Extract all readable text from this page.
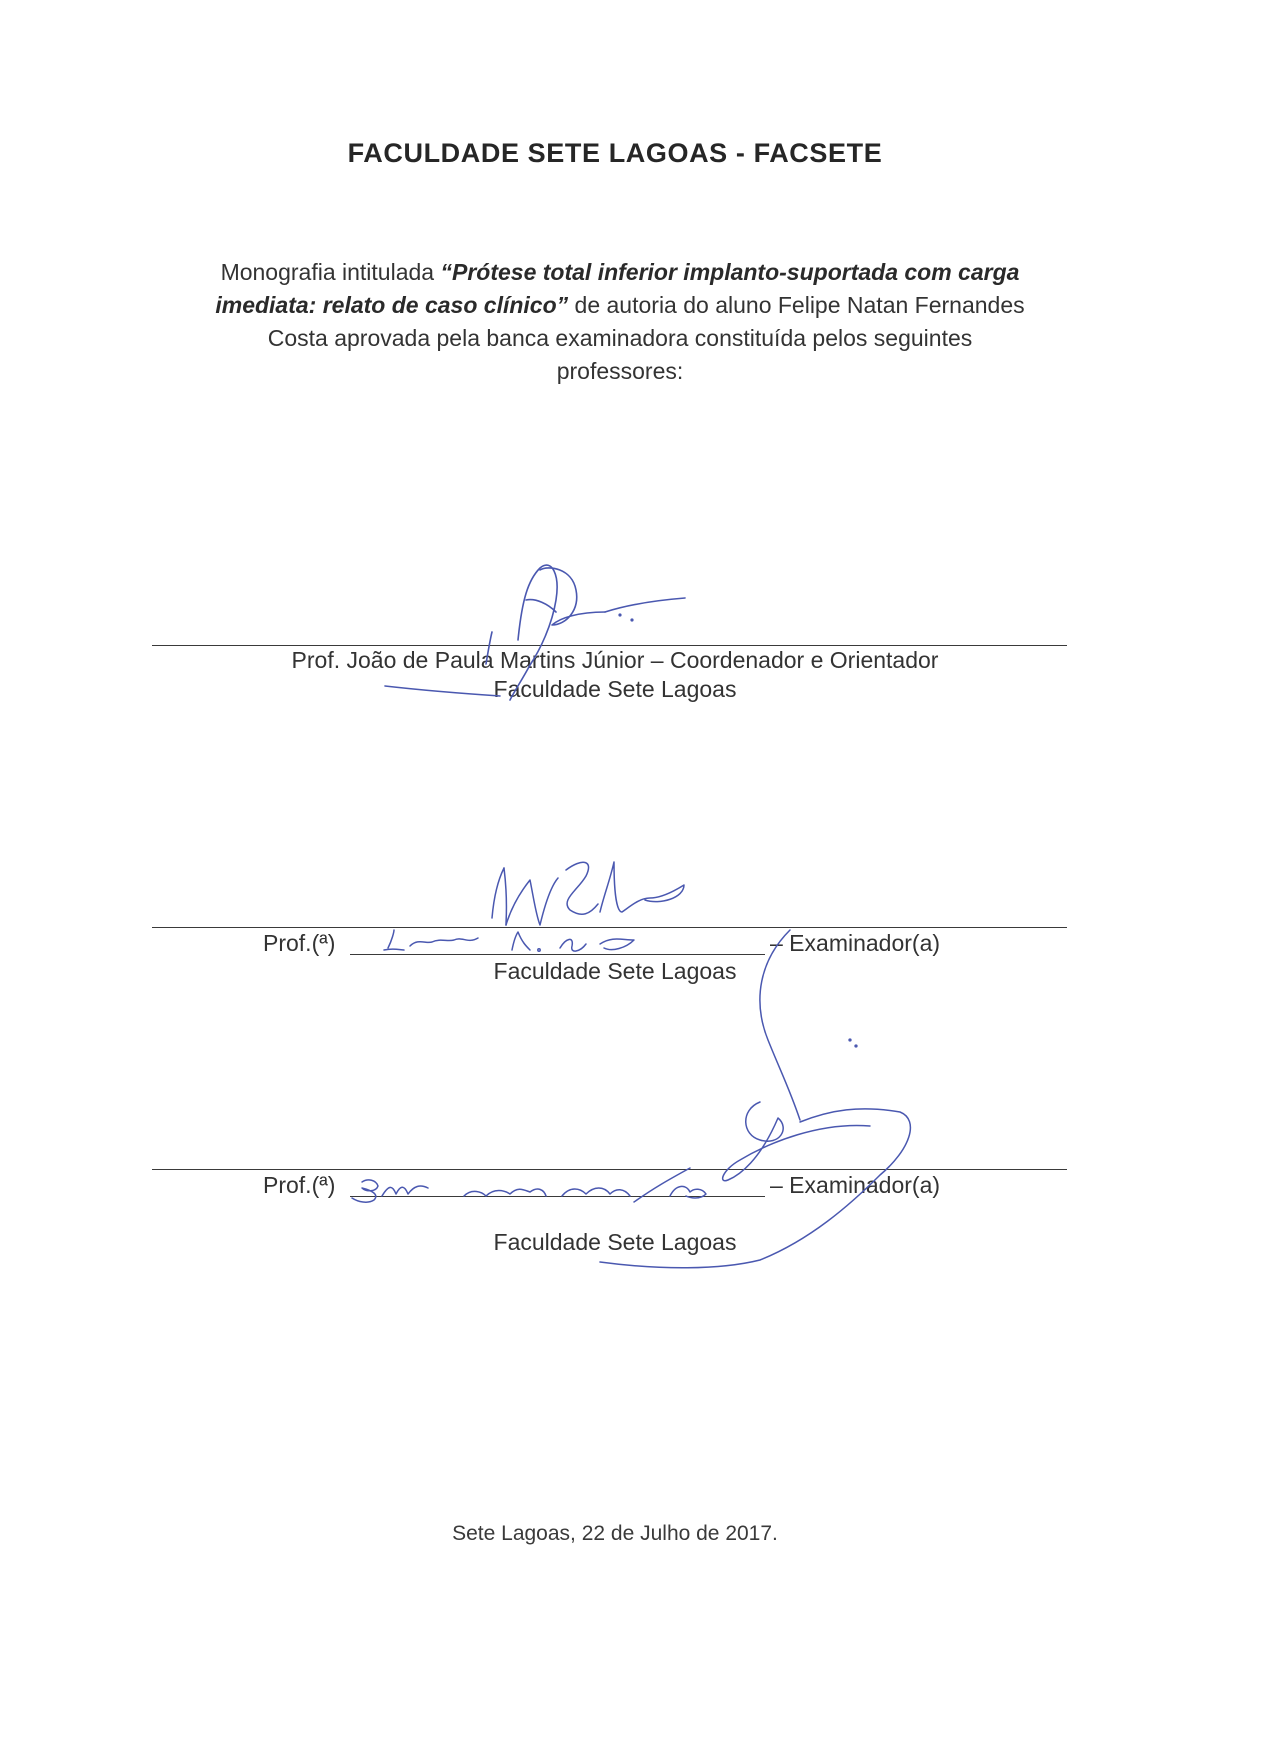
FACULDADE SETE LAGOAS - FACSETE
Monografia intitulada “Prótese total inferior implanto-suportada com carga
imediata: relato de caso clínico” de autoria do aluno Felipe Natan Fernandes
Costa aprovada pela banca examinadora constituída pelos seguintes
professores:
Prof. João de Paula Martins Júnior – Coordenador e Orientador
Faculdade Sete Lagoas
Prof.(ª)	– Examinador(a)
Faculdade Sete Lagoas
Prof.(ª)	– Examinador(a)
Faculdade Sete Lagoas
Sete Lagoas, 22 de Julho de 2017.
